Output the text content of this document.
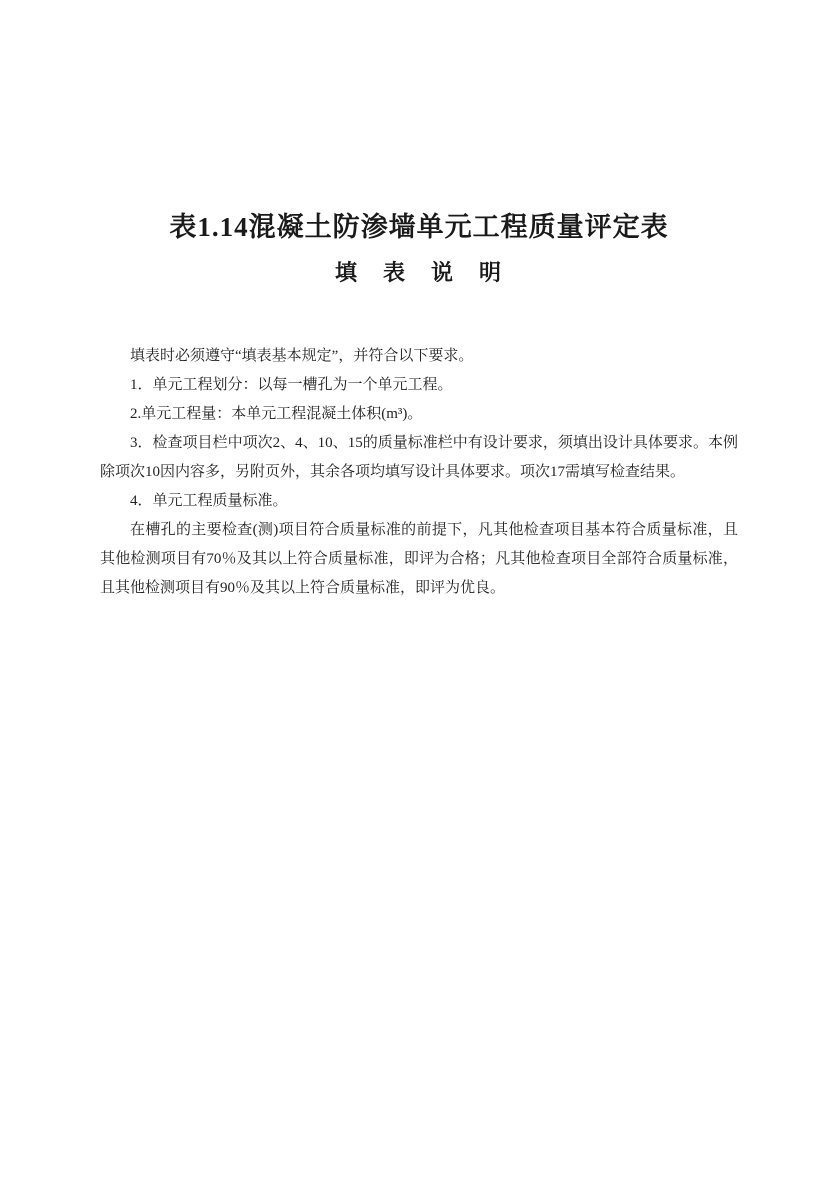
表1.14混凝土防渗墙单元工程质量评定表
填　表　说　明

填表时必须遵守“填表基本规定”，并符合以下要求。

1．单元工程划分：以每一槽孔为一个单元工程。

2.单元工程量：本单元工程混凝土体积(m³)。

3．检查项目栏中项次2、4、10、15的质量标准栏中有设计要求，须填出设计具体要求。本例除项次10因内容多，另附页外，其余各项均填写设计具体要求。项次17需填写检查结果。

4．单元工程质量标准。

在槽孔的主要检查(测)项目符合质量标准的前提下，凡其他检查项目基本符合质量标准，且其他检测项目有70％及其以上符合质量标准，即评为合格；凡其他检查项目全部符合质量标准，且其他检测项目有90％及其以上符合质量标准，即评为优良。
